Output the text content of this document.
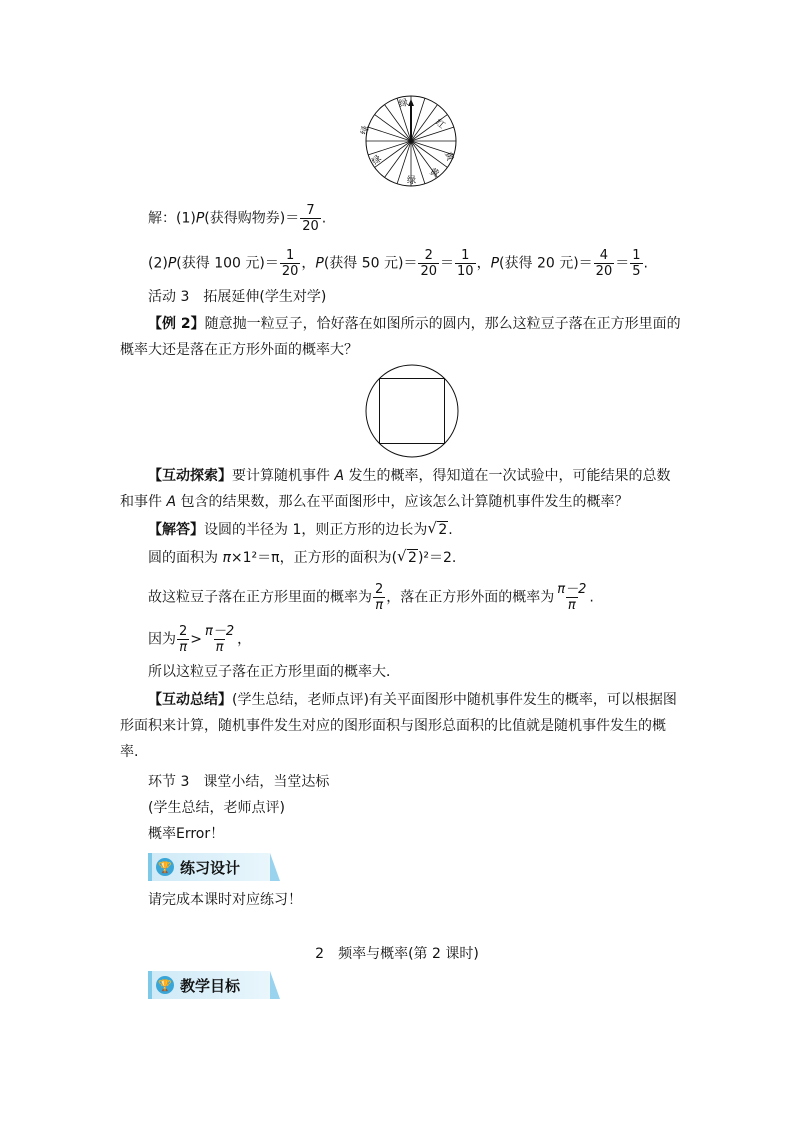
绿
红
黄
黄
绿
绿
绿
解：(1)P(获得购物券)＝ $\frac{7}{20}$ .
(2)P(获得 100 元)＝ $\frac{1}{20}$ ，P(获得 50 元)＝ $\frac{2}{20} = \frac{1}{10}$ ，P(获得 20 元)＝ $\frac{4}{20} = \frac{1}{5}$ .
活动 3　拓展延伸(学生对学)
【例 2】随意抛一粒豆子，恰好落在如图所示的圆内，那么这粒豆子落在正方形里面的
概率大还是落在正方形外面的概率大？
【互动探索】要计算随机事件 A 发生的概率，得知道在一次试验中，可能结果的总数
和事件 A 包含的结果数，那么在平面图形中，应该怎么计算随机事件发生的概率？
【解答】设圆的半径为 1，则正方形的边长为 √ 2.
圆的面积为 π×1²＝π，正方形的面积为( √ 2)²＝2.
故这粒豆子落在正方形里面的概率为 $\frac{2}{\pi}$ ，落在正方形外面的概率为 $\frac{\pi-2}{\pi}$ .
因为 $\frac{2}{\pi} > \frac{\pi-2}{\pi}$ ，
所以这粒豆子落在正方形里面的概率大．
【互动总结】(学生总结，老师点评)有关平面图形中随机事件发生的概率，可以根据图
形面积来计算，随机事件发生对应的图形面积与图形总面积的比值就是随机事件发生的概
率.
环节 3　课堂小结，当堂达标
(学生总结，老师点评)
概率Error！
🏆 练习设计
请完成本课时对应练习！
2　频率与概率(第 2 课时)
🏆 教学目标
